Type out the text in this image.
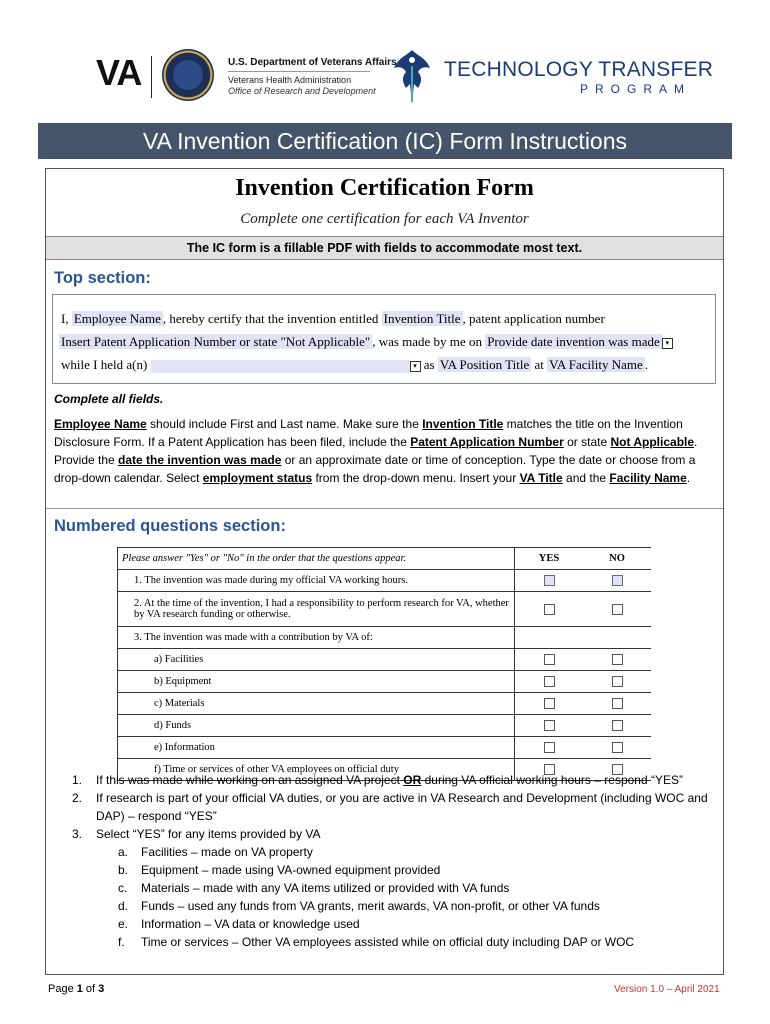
VA	U.S. Department of Veterans Affairs
Veterans Health Administration
Office of Research and Development
TECHNOLOGY TRANSFER
PROGRAM
VA Invention Certification (IC) Form Instructions
Invention Certification Form
Complete one certification for each VA Inventor
The IC form is a fillable PDF with fields to accommodate most text.
Top section:
I, Employee Name , hereby certify that the invention entitled Invention Title , patent application number
Insert Patent Application Number or state "Not Applicable" , was made by me on Provide date invention was made ▾
while I held a(n)	▾ as VA Position Title at VA Facility Name .

Complete all fields.

Employee Name should include First and Last name. Make sure the Invention Title matches the title on the Invention Disclosure Form. If a Patent Application has been filed, include the Patent Application Number or state Not Applicable. Provide the date the invention was made or an approximate date or time of conception. Type the date or choose from a drop-down calendar. Select employment status from the drop-down menu. Insert your VA Title and the Facility Name.

Numbered questions section:
Please answer "Yes" or "No" in the order that the questions appear.	YES	NO
1. The invention was made during my official VA working hours.		
2. At the time of the invention, I had a responsibility to perform research for VA, whether by VA research funding or otherwise.		
3. The invention was made with a contribution by VA of:		
a) Facilities		
b) Equipment		
c) Materials		
d) Funds		
e) Information		
f) Time or services of other VA employees on official duty		
1. If this was made while working on an assigned VA project OR during VA official working hours – respond “YES”
2. If research is part of your official VA duties, or you are active in VA Research and Development (including WOC and DAP) – respond “YES”
3. Select “YES” for any items provided by VA
a. Facilities – made on VA property
b. Equipment – made using VA-owned equipment provided
c. Materials – made with any VA items utilized or provided with VA funds
d. Funds – used any funds from VA grants, merit awards, VA non-profit, or other VA funds
e. Information – VA data or knowledge used
f. Time or services – Other VA employees assisted while on official duty including DAP or WOC
Page 1 of 3	Version 1.0 – April 2021
